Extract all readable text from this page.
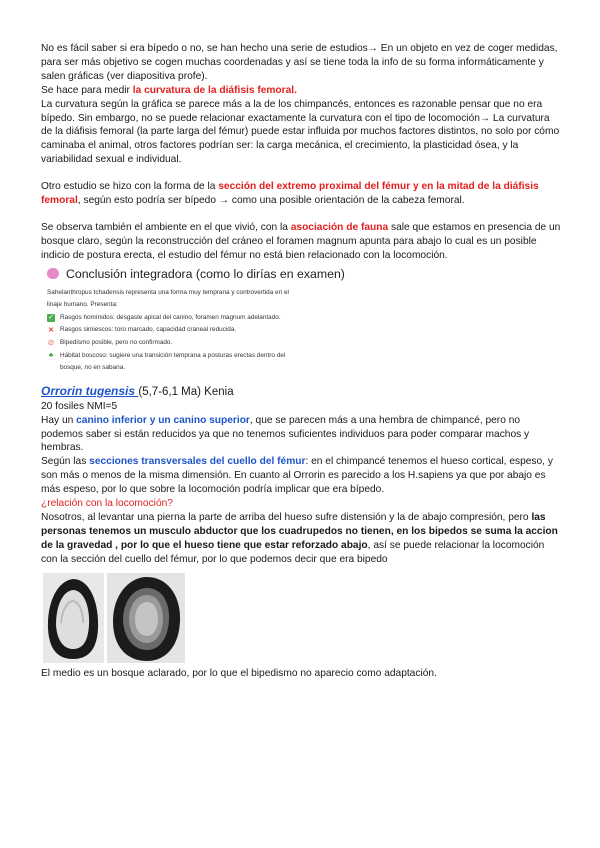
No es fácil saber si era bípedo o no, se han hecho una serie de estudios→ En un objeto en vez de coger medidas, para ser más objetivo se cogen muchas coordenadas y así se tiene toda la info de su forma informáticamente y salen gráficas (ver diapositiva profe).

Se hace para medir la curvatura de la diáfisis femoral.

La curvatura según la gráfica se parece más a la de los chimpancés, entonces es razonable pensar que no era bípedo. Sin embargo, no se puede relacionar exactamente la curvatura con el tipo de locomoción→ La curvatura de la diáfisis femoral (la parte larga del fémur) puede estar influida por muchos factores distintos, no solo por cómo caminaba el animal, otros factores podrían ser: la carga mecánica, el crecimiento, la plasticidad ósea, y la variabilidad sexual e individual.

Otro estudio se hizo con la forma de la sección del extremo proximal del fémur y en la mitad de la diáfisis femoral, según esto podría ser bípedo → como una posible orientación de la cabeza femoral.

Se observa también el ambiente en el que vivió, con la asociación de fauna sale que estamos en presencia de un bosque claro, según la reconstrucción del cráneo el foramen magnum apunta para abajo lo cual es un posible indicio de postura erecta, el estudio del fémur no está bien relacionado con la locomoción.

Conclusión integradora (como lo dirías en examen)
Sahelanthropus tchadensis representa una forma muy temprana y controvertida en el
linaje humano. Presenta:
✓ Rasgos homínidos: desgaste apical del canino, foramen magnum adelantado.
✕ Rasgos simiescos: toro marcado, capacidad craneal reducida.
⊘ Bipedismo posible, pero no confirmado.
♣ Hábitat boscoso: sugiere una transición temprana a posturas erectas dentro del
bosque, no en sabana.

Orrorin tugensis (5,7-6,1 Ma) Kenia

20 fosiles NMI=5

Hay un canino inferior y un canino superior, que se parecen más a una hembra de chimpancé, pero no podemos saber si están reducidos ya que no tenemos suficientes individuos para poder comparar machos y hembras.

Según las secciones transversales del cuello del fémur: en el chimpancé tenemos el hueso cortical, espeso, y son más o menos de la misma dimensión. En cuanto al Orrorin es parecido a los H.sapiens ya que por abajo es más espeso, por lo que sobre la locomoción podría implicar que era bípedo.

¿relación con la locomoción?

Nosotros, al levantar una pierna la parte de arriba del hueso sufre distensión y la de abajo compresión, pero las personas tenemos un musculo abductor que los cuadrupedos no tienen, en los bipedos se suma la accion de la gravedad , por lo que el hueso tiene que estar reforzado abajo, así se puede relacionar la locomoción con la sección del cuello del fémur, por lo que podemos decir que era bipedo

El medio es un bosque aclarado, por lo que el bipedismo no aparecio como adaptación.
